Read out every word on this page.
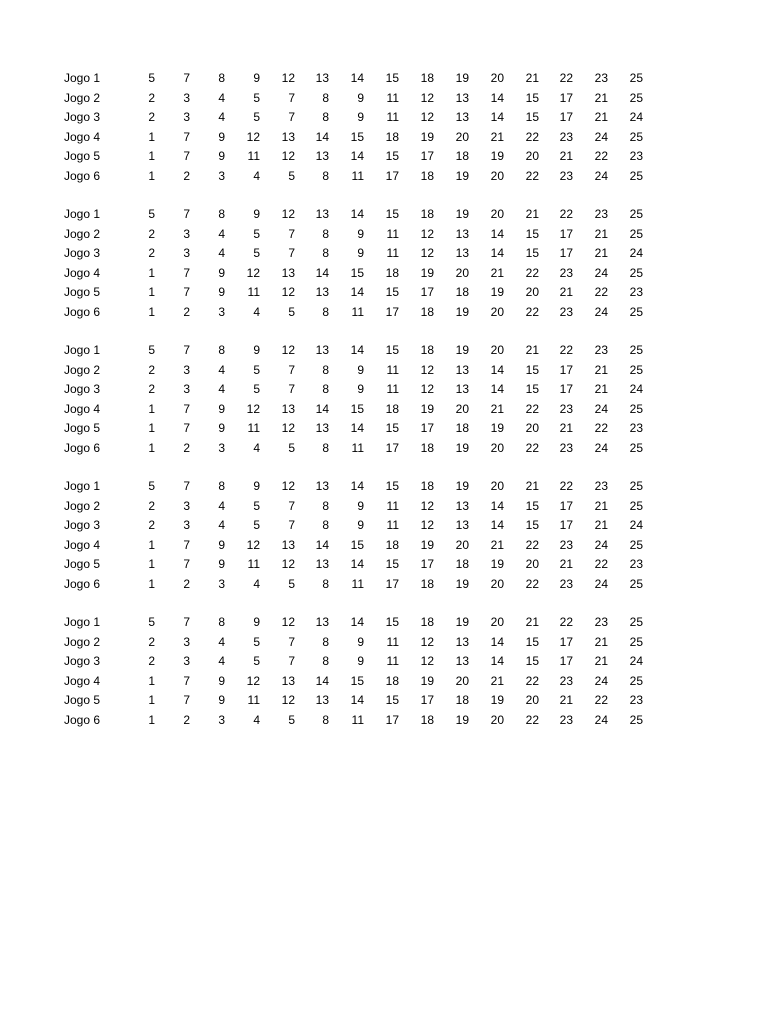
Jogo 1	5	7	8	9	12	13	14	15	18	19	20	21	22	23	25
Jogo 2	2	3	4	5	7	8	9	11	12	13	14	15	17	21	25
Jogo 3	2	3	4	5	7	8	9	11	12	13	14	15	17	21	24
Jogo 4	1	7	9	12	13	14	15	18	19	20	21	22	23	24	25
Jogo 5	1	7	9	11	12	13	14	15	17	18	19	20	21	22	23
Jogo 6	1	2	3	4	5	8	11	17	18	19	20	22	23	24	25
Jogo 1	5	7	8	9	12	13	14	15	18	19	20	21	22	23	25
Jogo 2	2	3	4	5	7	8	9	11	12	13	14	15	17	21	25
Jogo 3	2	3	4	5	7	8	9	11	12	13	14	15	17	21	24
Jogo 4	1	7	9	12	13	14	15	18	19	20	21	22	23	24	25
Jogo 5	1	7	9	11	12	13	14	15	17	18	19	20	21	22	23
Jogo 6	1	2	3	4	5	8	11	17	18	19	20	22	23	24	25
Jogo 1	5	7	8	9	12	13	14	15	18	19	20	21	22	23	25
Jogo 2	2	3	4	5	7	8	9	11	12	13	14	15	17	21	25
Jogo 3	2	3	4	5	7	8	9	11	12	13	14	15	17	21	24
Jogo 4	1	7	9	12	13	14	15	18	19	20	21	22	23	24	25
Jogo 5	1	7	9	11	12	13	14	15	17	18	19	20	21	22	23
Jogo 6	1	2	3	4	5	8	11	17	18	19	20	22	23	24	25
Jogo 1	5	7	8	9	12	13	14	15	18	19	20	21	22	23	25
Jogo 2	2	3	4	5	7	8	9	11	12	13	14	15	17	21	25
Jogo 3	2	3	4	5	7	8	9	11	12	13	14	15	17	21	24
Jogo 4	1	7	9	12	13	14	15	18	19	20	21	22	23	24	25
Jogo 5	1	7	9	11	12	13	14	15	17	18	19	20	21	22	23
Jogo 6	1	2	3	4	5	8	11	17	18	19	20	22	23	24	25
Jogo 1	5	7	8	9	12	13	14	15	18	19	20	21	22	23	25
Jogo 2	2	3	4	5	7	8	9	11	12	13	14	15	17	21	25
Jogo 3	2	3	4	5	7	8	9	11	12	13	14	15	17	21	24
Jogo 4	1	7	9	12	13	14	15	18	19	20	21	22	23	24	25
Jogo 5	1	7	9	11	12	13	14	15	17	18	19	20	21	22	23
Jogo 6	1	2	3	4	5	8	11	17	18	19	20	22	23	24	25
